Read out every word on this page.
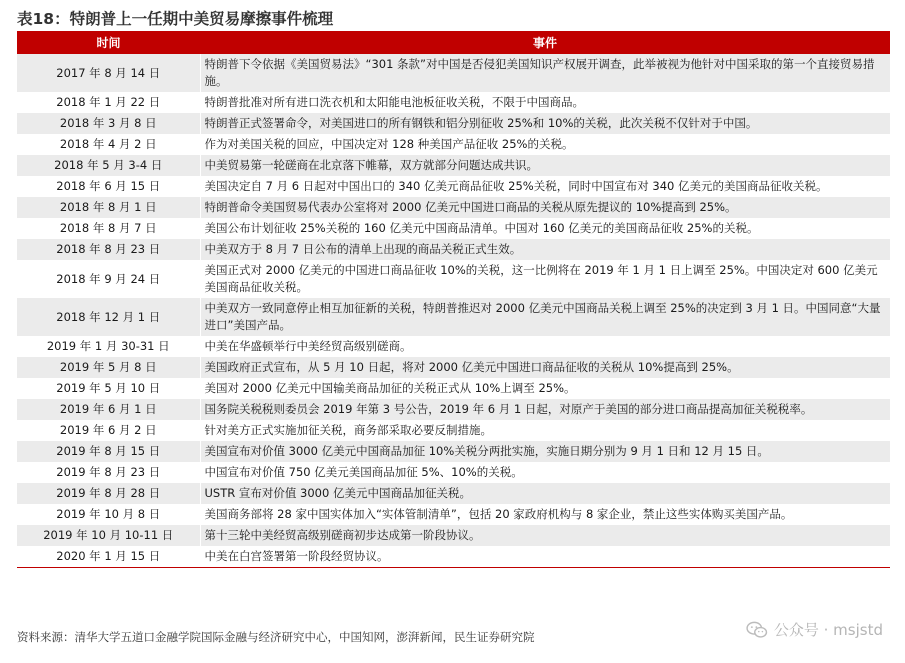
表18：特朗普上一任期中美贸易摩擦事件梳理
时间	事件
2017 年 8 月 14 日	特朗普下令依据《美国贸易法》“301 条款”对中国是否侵犯美国知识产权展开调查，此举被视为他针对中国采取的第一个直接贸易措施。
2018 年 1 月 22 日	特朗普批准对所有进口洗衣机和太阳能电池板征收关税，不限于中国商品。
2018 年 3 月 8 日	特朗普正式签署命令，对美国进口的所有钢铁和铝分别征收 25%和 10%的关税，此次关税不仅针对于中国。
2018 年 4 月 2 日	作为对美国关税的回应，中国决定对 128 种美国产品征收 25%的关税。
2018 年 5 月 3-4 日	中美贸易第一轮磋商在北京落下帷幕，双方就部分问题达成共识。
2018 年 6 月 15 日	美国决定自 7 月 6 日起对中国出口的 340 亿美元商品征收 25%关税，同时中国宣布对 340 亿美元的美国商品征收关税。
2018 年 8 月 1 日	特朗普命令美国贸易代表办公室将对 2000 亿美元中国进口商品的关税从原先提议的 10%提高到 25%。
2018 年 8 月 7 日	美国公布计划征收 25%关税的 160 亿美元中国商品清单。中国对 160 亿美元的美国商品征收 25%的关税。
2018 年 8 月 23 日	中美双方于 8 月 7 日公布的清单上出现的商品关税正式生效。
2018 年 9 月 24 日	美国正式对 2000 亿美元的中国进口商品征收 10%的关税，这一比例将在 2019 年 1 月 1 日上调至 25%。中国决定对 600 亿美元美国商品征收关税。
2018 年 12 月 1 日	中美双方一致同意停止相互加征新的关税，特朗普推迟对 2000 亿美元中国商品关税上调至 25%的决定到 3 月 1 日。中国同意“大量进口”美国产品。
2019 年 1 月 30-31 日	中美在华盛顿举行中美经贸高级别磋商。
2019 年 5 月 8 日	美国政府正式宣布，从 5 月 10 日起，将对 2000 亿美元中国进口商品征收的关税从 10%提高到 25%。
2019 年 5 月 10 日	美国对 2000 亿美元中国输美商品加征的关税正式从 10%上调至 25%。
2019 年 6 月 1 日	国务院关税税则委员会 2019 年第 3 号公告，2019 年 6 月 1 日起，对原产于美国的部分进口商品提高加征关税税率。
2019 年 6 月 2 日	针对美方正式实施加征关税，商务部采取必要反制措施。
2019 年 8 月 15 日	美国宣布对价值 3000 亿美元中国商品加征 10%关税分两批实施，实施日期分别为 9 月 1 日和 12 月 15 日。
2019 年 8 月 23 日	中国宣布对价值 750 亿美元美国商品加征 5%、10%的关税。
2019 年 8 月 28 日	USTR 宣布对价值 3000 亿美元中国商品加征关税。
2019 年 10 月 8 日	美国商务部将 28 家中国实体加入“实体管制清单”，包括 20 家政府机构与 8 家企业，禁止这些实体购买美国产品。
2019 年 10 月 10-11 日	第十三轮中美经贸高级别磋商初步达成第一阶段协议。
2020 年 1 月 15 日	中美在白宫签署第一阶段经贸协议。
资料来源：清华大学五道口金融学院国际金融与经济研究中心，中国知网，澎湃新闻，民生证券研究院	公众号 · msjstd
